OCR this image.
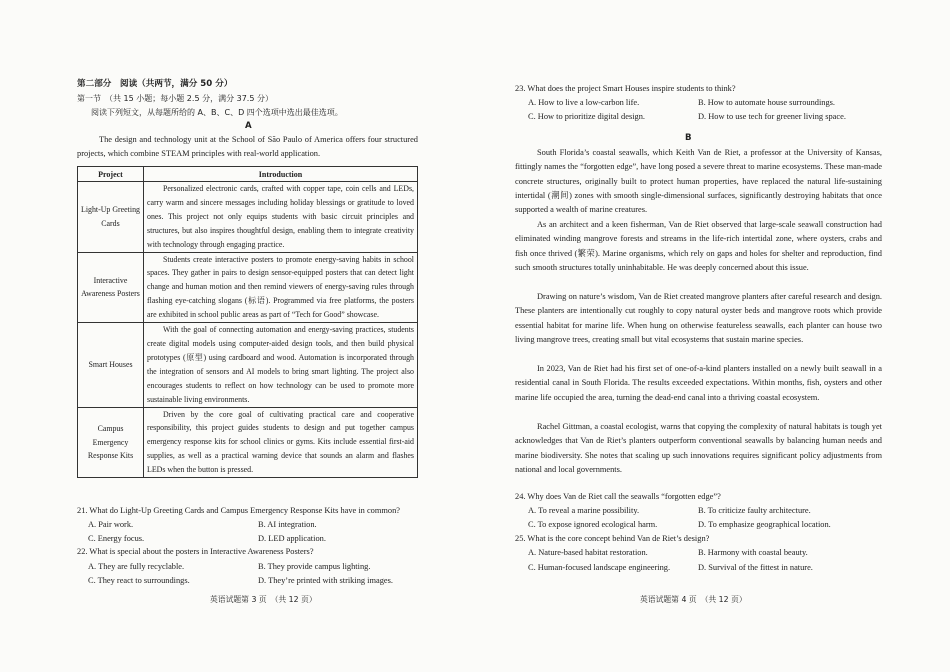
第二部分　阅读（共两节，满分 50 分）
第一节　（共 15 小题；每小题 2.5 分，满分 37.5 分）
阅读下列短文，从每题所给的 A、B、C、D 四个选项中选出最佳选项。
A
The design and technology unit at the School of São Paulo of America offers four structured projects, which combine STEAM principles with real-world application.
Project	Introduction
Light-Up Greeting Cards	Personalized electronic cards, crafted with copper tape, coin cells and LEDs, carry warm and sincere messages including holiday blessings or gratitude to loved ones. This project not only equips students with basic circuit principles and structures, but also inspires thoughtful design, enabling them to integrate creativity with technology through engaging practice.
Interactive Awareness Posters	Students create interactive posters to promote energy-saving habits in school spaces. They gather in pairs to design sensor-equipped posters that can detect light change and human motion and then remind viewers of energy-saving rules through flashing eye-catching slogans (标语). Programmed via free platforms, the posters are exhibited in school public areas as part of “Tech for Good” showcase.
Smart Houses	With the goal of connecting automation and energy-saving practices, students create digital models using computer-aided design tools, and then build physical prototypes (原型) using cardboard and wood. Automation is incorporated through the integration of sensors and AI models to bring smart lighting. The project also encourages students to reflect on how technology can be used to promote more sustainable living environments.
Campus Emergency Response Kits	Driven by the core goal of cultivating practical care and cooperative responsibility, this project guides students to design and put together campus emergency response kits for school clinics or gyms. Kits include essential first-aid supplies, as well as a practical warning device that sounds an alarm and flashes LEDs when the button is pressed.
21. What do Light-Up Greeting Cards and Campus Emergency Response Kits have in common?
A. Pair work.	B. AI integration.
C. Energy focus.	D. LED application.
22. What is special about the posters in Interactive Awareness Posters?
A. They are fully recyclable.	B. They provide campus lighting.
C. They react to surroundings.	D. They’re printed with striking images.
英语试题第 3 页　（共 12 页）
23. What does the project Smart Houses inspire students to think?
A. How to live a low-carbon life.	B. How to automate house surroundings.
C. How to prioritize digital design.	D. How to use tech for greener living space.
B
South Florida’s coastal seawalls, which Keith Van de Riet, a professor at the University of Kansas, fittingly names the “forgotten edge”, have long posed a severe threat to marine ecosystems. These man-made concrete structures, originally built to protect human properties, have replaced the natural life-sustaining intertidal (潮间) zones with smooth single-dimensional surfaces, significantly destroying habitats that once supported a wealth of marine creatures.
As an architect and a keen fisherman, Van de Riet observed that large-scale seawall construction had eliminated winding mangrove forests and streams in the life-rich intertidal zone, where oysters, crabs and fish once thrived (繁荣). Marine organisms, which rely on gaps and holes for shelter and reproduction, find such smooth structures totally uninhabitable. He was deeply concerned about this issue.
Drawing on nature’s wisdom, Van de Riet created mangrove planters after careful research and design. These planters are intentionally cut roughly to copy natural oyster beds and mangrove roots which provide essential habitat for marine life. When hung on otherwise featureless seawalls, each planter can house two living mangrove trees, creating small but vital ecosystems that sustain marine species.
In 2023, Van de Riet had his first set of one-of-a-kind planters installed on a newly built seawall in a residential canal in South Florida. The results exceeded expectations. Within months, fish, oysters and other marine life occupied the area, turning the dead-end canal into a thriving coastal ecosystem.
Rachel Gittman, a coastal ecologist, warns that copying the complexity of natural habitats is tough yet acknowledges that Van de Riet’s planters outperform conventional seawalls by balancing human needs and marine biodiversity. She notes that scaling up such innovations requires significant policy adjustments from national and local governments.
24. Why does Van de Riet call the seawalls “forgotten edge”?
A. To reveal a marine possibility.	B. To criticize faulty architecture.
C. To expose ignored ecological harm.	D. To emphasize geographical location.
25. What is the core concept behind Van de Riet’s design?
A. Nature-based habitat restoration.	B. Harmony with coastal beauty.
C. Human-focused landscape engineering.	D. Survival of the fittest in nature.
英语试题第 4 页　（共 12 页）
